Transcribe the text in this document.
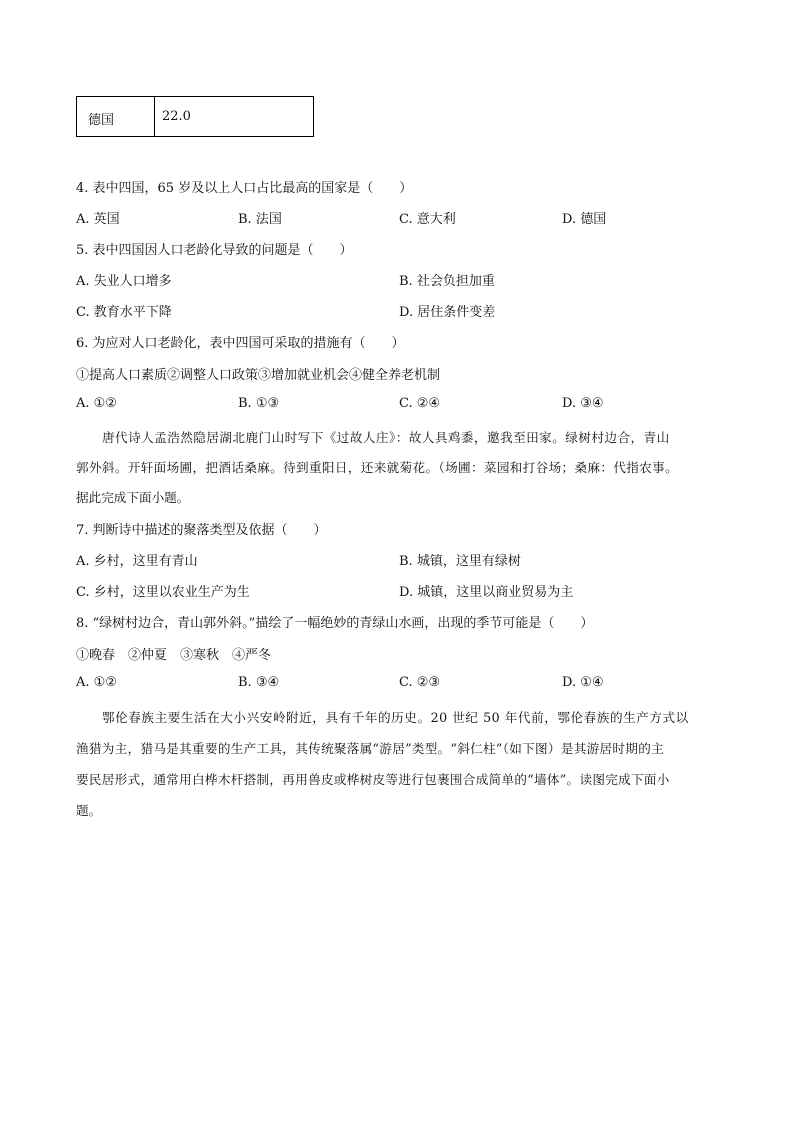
德国	22.0
4. 表中四国，65 岁及以上人口占比最高的国家是（　　）
A. 英国	B. 法国	C. 意大利	D. 德国
5. 表中四国因人口老龄化导致的问题是（　　）
A. 失业人口增多	B. 社会负担加重
C. 教育水平下降	D. 居住条件变差
6. 为应对人口老龄化，表中四国可采取的措施有（　　）
①提高人口素质②调整人口政策③增加就业机会④健全养老机制
A. ①②	B. ①③	C. ②④	D. ③④
唐代诗人孟浩然隐居湖北鹿门山时写下《过故人庄》：故人具鸡黍，邀我至田家。绿树村边合，青山
郭外斜。开轩面场圃，把酒话桑麻。待到重阳日，还来就菊花。（场圃：菜园和打谷场；桑麻：代指农事。
据此完成下面小题。
7. 判断诗中描述的聚落类型及依据（　　）
A. 乡村，这里有青山	B. 城镇，这里有绿树
C. 乡村，这里以农业生产为生	D. 城镇，这里以商业贸易为主
8. “绿树村边合，青山郭外斜。”描绘了一幅绝妙的青绿山水画，出现的季节可能是（　　）
①晚春　②仲夏　③寒秋　④严冬
A. ①②	B. ③④	C. ②③	D. ①④
鄂伦春族主要生活在大小兴安岭附近，具有千年的历史。20 世纪 50 年代前，鄂伦春族的生产方式以
渔猎为主，猎马是其重要的生产工具，其传统聚落属“游居”类型。“斜仁柱”（如下图）是其游居时期的主
要民居形式，通常用白桦木杆搭制，再用兽皮或桦树皮等进行包裹围合成简单的“墙体”。读图完成下面小
题。
